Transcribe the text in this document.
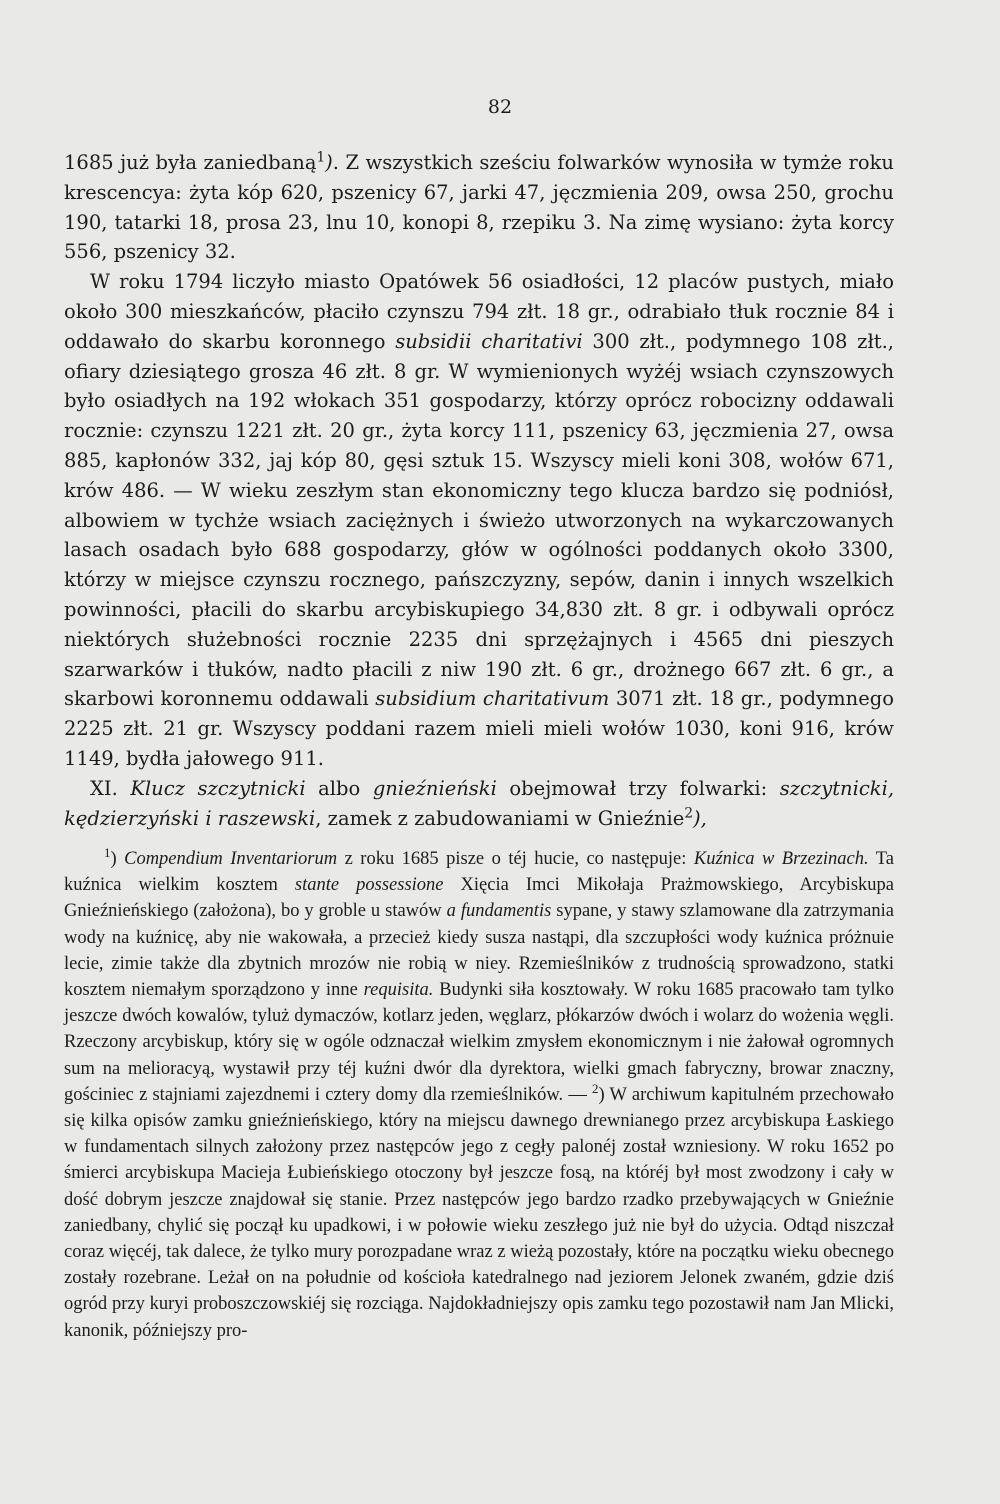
82

1685 już była zaniedbaną$^1$). Z wszystkich sześciu folwarków wynosiła w tymże roku krescencya: żyta kóp 620, pszenicy 67, jarki 47, jęczmienia 209, owsa 250, grochu 190, tatarki 18, prosa 23, lnu 10, konopi 8, rzepiku 3. Na zimę wysiano: żyta korcy 556, pszenicy 32.

W roku 1794 liczyło miasto Opatówek 56 osiadłości, 12 placów pustych, miało około 300 mieszkańców, płaciło czynszu 794 złt. 18 gr., odrabiało tłuk rocznie 84 i oddawało do skarbu koronnego subsidii charitativi 300 złt., podymnego 108 złt., ofiary dziesiątego grosza 46 złt. 8 gr. W wymienionych wyżéj wsiach czynszowych było osiadłych na 192 włokach 351 gospodarzy, którzy oprócz robocizny oddawali rocznie: czynszu 1221 złt. 20 gr., żyta korcy 111, pszenicy 63, jęczmienia 27, owsa 885, kapłonów 332, jaj kóp 80, gęsi sztuk 15. Wszyscy mieli koni 308, wołów 671, krów 486. — W wieku zeszłym stan ekonomiczny tego klucza bardzo się podniósł, albowiem w tychże wsiach zaciężnych i świeżo utworzonych na wykarczowanych lasach osadach było 688 gospodarzy, głów w ogólności poddanych około 3300, którzy w miejsce czynszu rocznego, pańszczyzny, sepów, danin i innych wszelkich powinności, płacili do skarbu arcybiskupiego 34,830 złt. 8 gr. i odbywali oprócz niektórych służebności rocznie 2235 dni sprzężajnych i 4565 dni pieszych szarwarków i tłuków, nadto płacili z niw 190 złt. 6 gr., drożnego 667 złt. 6 gr., a skarbowi koronnemu oddawali subsidium charitativum 3071 złt. 18 gr., podymnego 2225 złt. 21 gr. Wszyscy poddani razem mieli mieli wołów 1030, koni 916, krów 1149, bydła jałowego 911.

XI. Klucz szczytnicki albo gnieźnieński obejmował trzy folwarki: szczytnicki, kędzierzyński i raszewski, zamek z zabudowaniami w Gnieźnie$^2$),

$^1$) Compendium Inventariorum z roku 1685 pisze o téj hucie, co następuje: Kuźnica w Brzezinach. Ta kuźnica wielkim kosztem stante possessione Xięcia Imci Mikołaja Prażmowskiego, Arcybiskupa Gnieźnieńskiego (założona), bo y groble u stawów a fundamentis sypane, y stawy szlamowane dla zatrzymania wody na kuźnicę, aby nie wakowała, a przecież kiedy susza nastąpi, dla szczupłości wody kuźnica próżnuie lecie, zimie także dla zbytnich mrozów nie robią w niey. Rzemieślników z trudnością sprowadzono, statki kosztem niemałym sporządzono y inne requisita. Budynki siła kosztowały. W roku 1685 pracowało tam tylko jeszcze dwóch kowalów, tyluż dymaczów, kotlarz jeden, węglarz, płókarzów dwóch i wolarz do wożenia węgli. Rzeczony arcybiskup, który się w ogóle odznaczał wielkim zmysłem ekonomicznym i nie żałował ogromnych sum na melioracyą, wystawił przy téj kuźni dwór dla dyrektora, wielki gmach fabryczny, browar znaczny, gościniec z stajniami zajezdnemi i cztery domy dla rzemieślników. — $^2$) W archiwum kapitulném przechowało się kilka opisów zamku gnieźnieńskiego, który na miejscu dawnego drewnianego przez arcybiskupa Łaskiego w fundamentach silnych założony przez następców jego z cegły palonéj został wzniesiony. W roku 1652 po śmierci arcybiskupa Macieja Łubieńskiego otoczony był jeszcze fosą, na któréj był most zwodzony i cały w dość dobrym jeszcze znajdował się stanie. Przez następców jego bardzo rzadko przebywających w Gnieźnie zaniedbany, chylić się począł ku upadkowi, i w połowie wieku zeszłego już nie był do użycia. Odtąd niszczał coraz więcéj, tak dalece, że tylko mury porozpadane wraz z wieżą pozostały, które na początku wieku obecnego zostały rozebrane. Leżał on na południe od kościoła katedralnego nad jeziorem Jelonek zwaném, gdzie dziś ogród przy kuryi proboszczowskiéj się rozciąga. Najdokładniejszy opis zamku tego pozostawił nam Jan Mlicki, kanonik, późniejszy pro-
